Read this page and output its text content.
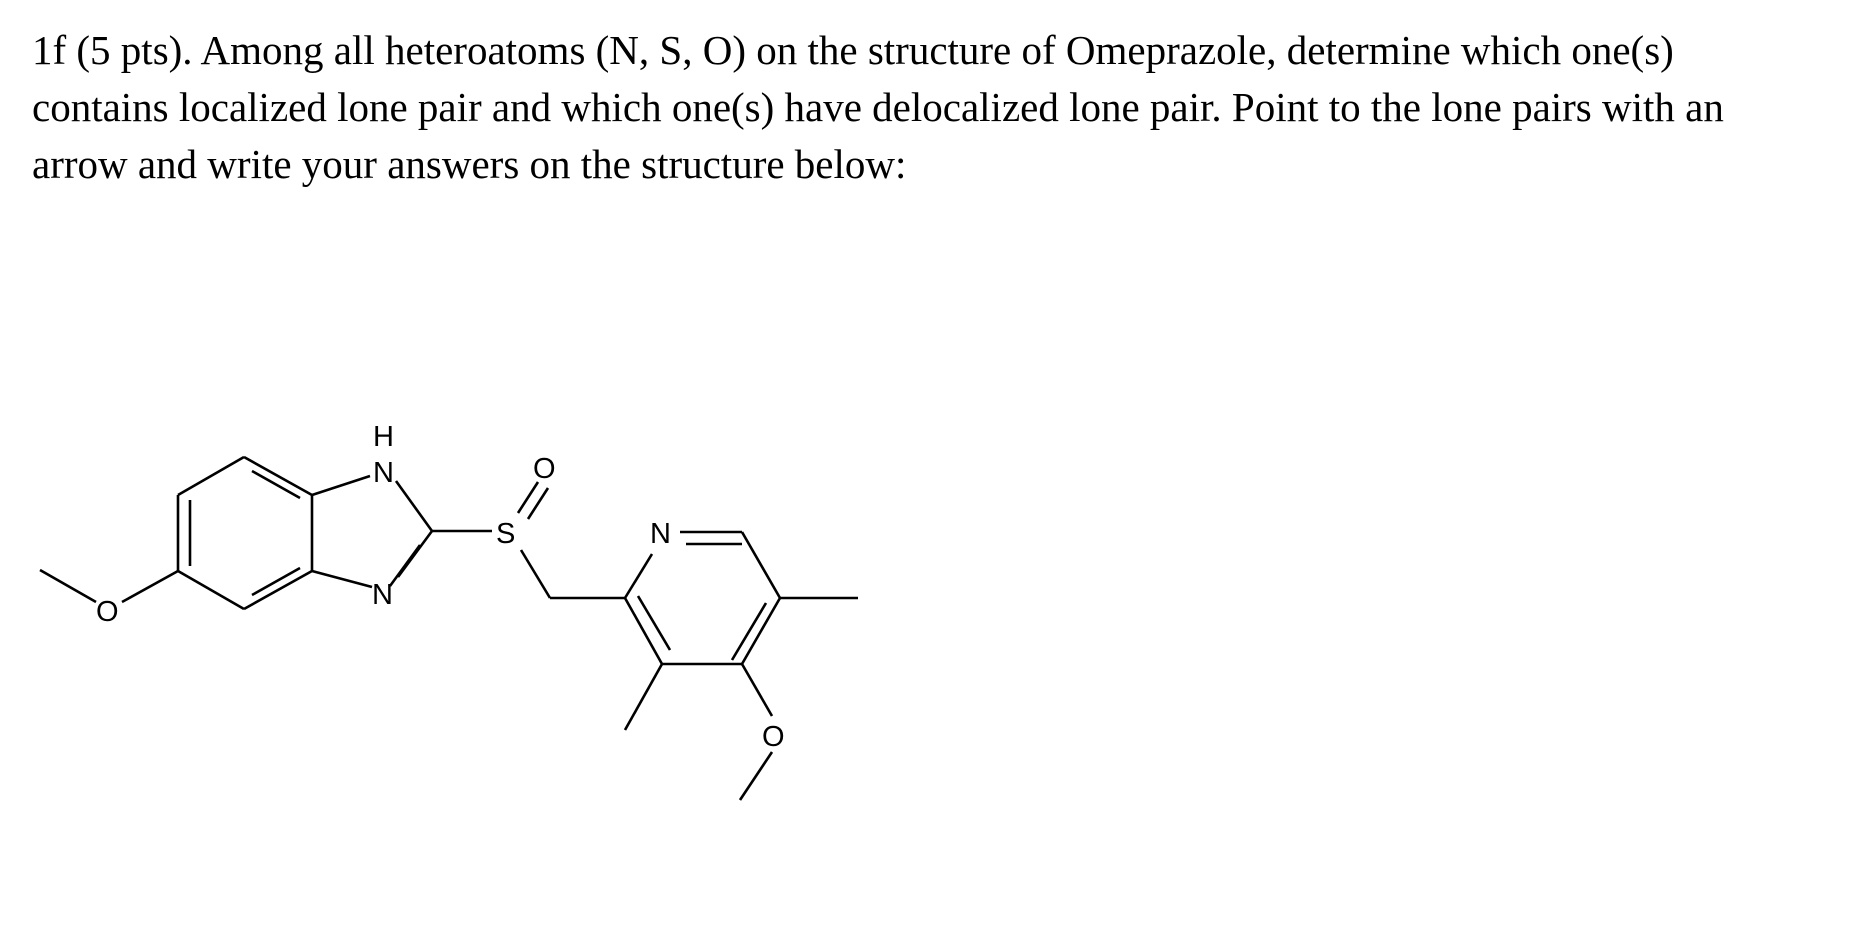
1f (5 pts). Among all heteroatoms (N, S, O) on the structure of Omeprazole, determine which one(s) contains localized lone pair and which one(s) have delocalized lone pair. Point to the lone pairs with an arrow and write your answers on the structure below:

H
N
N
S
O
N
O
O
